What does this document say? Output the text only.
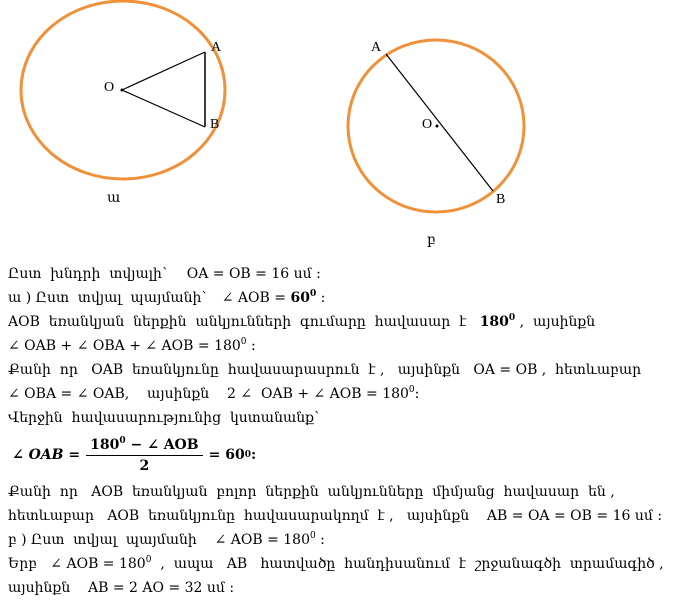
O
A
B
ա
O
A
B
բ
Ըստ  խնդրի  տվյալի`    OA = OB = 16 սմ :
ա ) Ըստ  տվյալ  պայմանի`   ∠ AOB = $60^0$ :
AOB  եռանկյան  ներքին  անկյունների  գումարը  հավասար  է   $180^0$ ,  այսինքն
∠ OAB + ∠ OBA + ∠ AOB = $180^0$ :
Քանի  որ   OAB  եռանկյունը  հավասարասրուն  է ,   այսինքն   OA = OB ,  հետևաբար
∠ OBA = ∠ OAB,    այսինքն    2 ∠  OAB + ∠ AOB = $180^0$:
Վերջին  հավասարությունից  կստանանք`
∠ OAB = $\frac{180^0 - \angle AOB}{2} = 60$ 0 :
Քանի  որ   AOB  եռանկյան  բոլոր  ներքին  անկյունները  միմյանց  հավասար  են ,
հետևաբար   AOB  եռանկյունը  հավասարակողմ  է ,   այսինքն    AB = OA = OB = 16 սմ :
բ ) Ըստ  տվյալ  պայմանի    ∠ AOB = $180^0$ :
Երբ   ∠ AOB = $180^0$  ,  ապա   AB   հատվածը  հանդիսանում  է  շրջանագծի  տրամագիծ ,
այսինքն    AB = 2 AO = 32 սմ :
